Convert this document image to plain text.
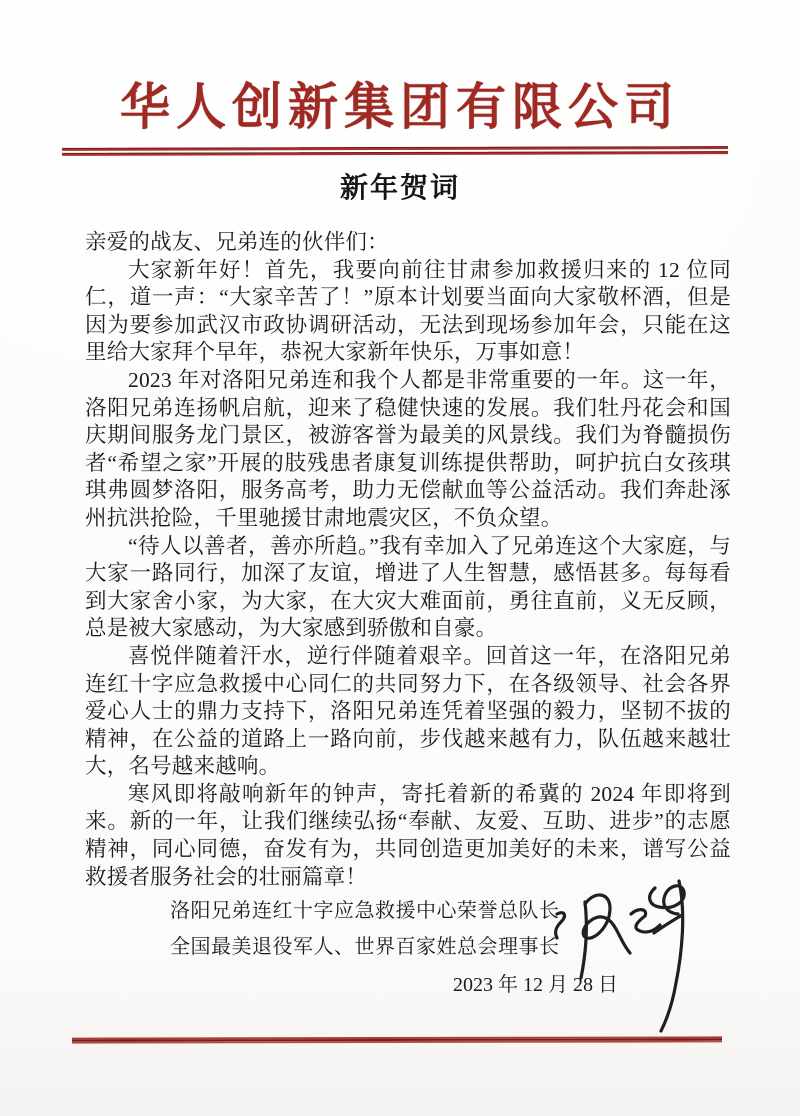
华人创新集团有限公司
新年贺词

亲爱的战友、兄弟连的伙伴们：

大家新年好！首先，我要向前往甘肃参加救援归来的 12 位同仁，道一声：“大家辛苦了！”原本计划要当面向大家敬杯酒，但是因为要参加武汉市政协调研活动，无法到现场参加年会，只能在这里给大家拜个早年，恭祝大家新年快乐，万事如意！

2023 年对洛阳兄弟连和我个人都是非常重要的一年。这一年，洛阳兄弟连扬帆启航，迎来了稳健快速的发展。我们牡丹花会和国庆期间服务龙门景区，被游客誉为最美的风景线。我们为脊髓损伤者“希望之家”开展的肢残患者康复训练提供帮助，呵护抗白女孩琪琪弗圆梦洛阳，服务高考，助力无偿献血等公益活动。我们奔赴涿州抗洪抢险，千里驰援甘肃地震灾区，不负众望。

“待人以善者，善亦所趋。”我有幸加入了兄弟连这个大家庭，与大家一路同行，加深了友谊，增进了人生智慧，感悟甚多。每每看到大家舍小家，为大家，在大灾大难面前，勇往直前，义无反顾，总是被大家感动，为大家感到骄傲和自豪。

喜悦伴随着汗水，逆行伴随着艰辛。回首这一年，在洛阳兄弟连红十字应急救援中心同仁的共同努力下，在各级领导、社会各界爱心人士的鼎力支持下，洛阳兄弟连凭着坚强的毅力，坚韧不拔的精神，在公益的道路上一路向前，步伐越来越有力，队伍越来越壮大，名号越来越响。

寒风即将敲响新年的钟声，寄托着新的希冀的 2024 年即将到来。新的一年，让我们继续弘扬“奉献、友爱、互助、进步”的志愿精神，同心同德，奋发有为，共同创造更加美好的未来，谱写公益救援者服务社会的壮丽篇章！

洛阳兄弟连红十字应急救援中心荣誉总队长

全国最美退役军人、世界百家姓总会理事长

2023 年 12 月 28 日
